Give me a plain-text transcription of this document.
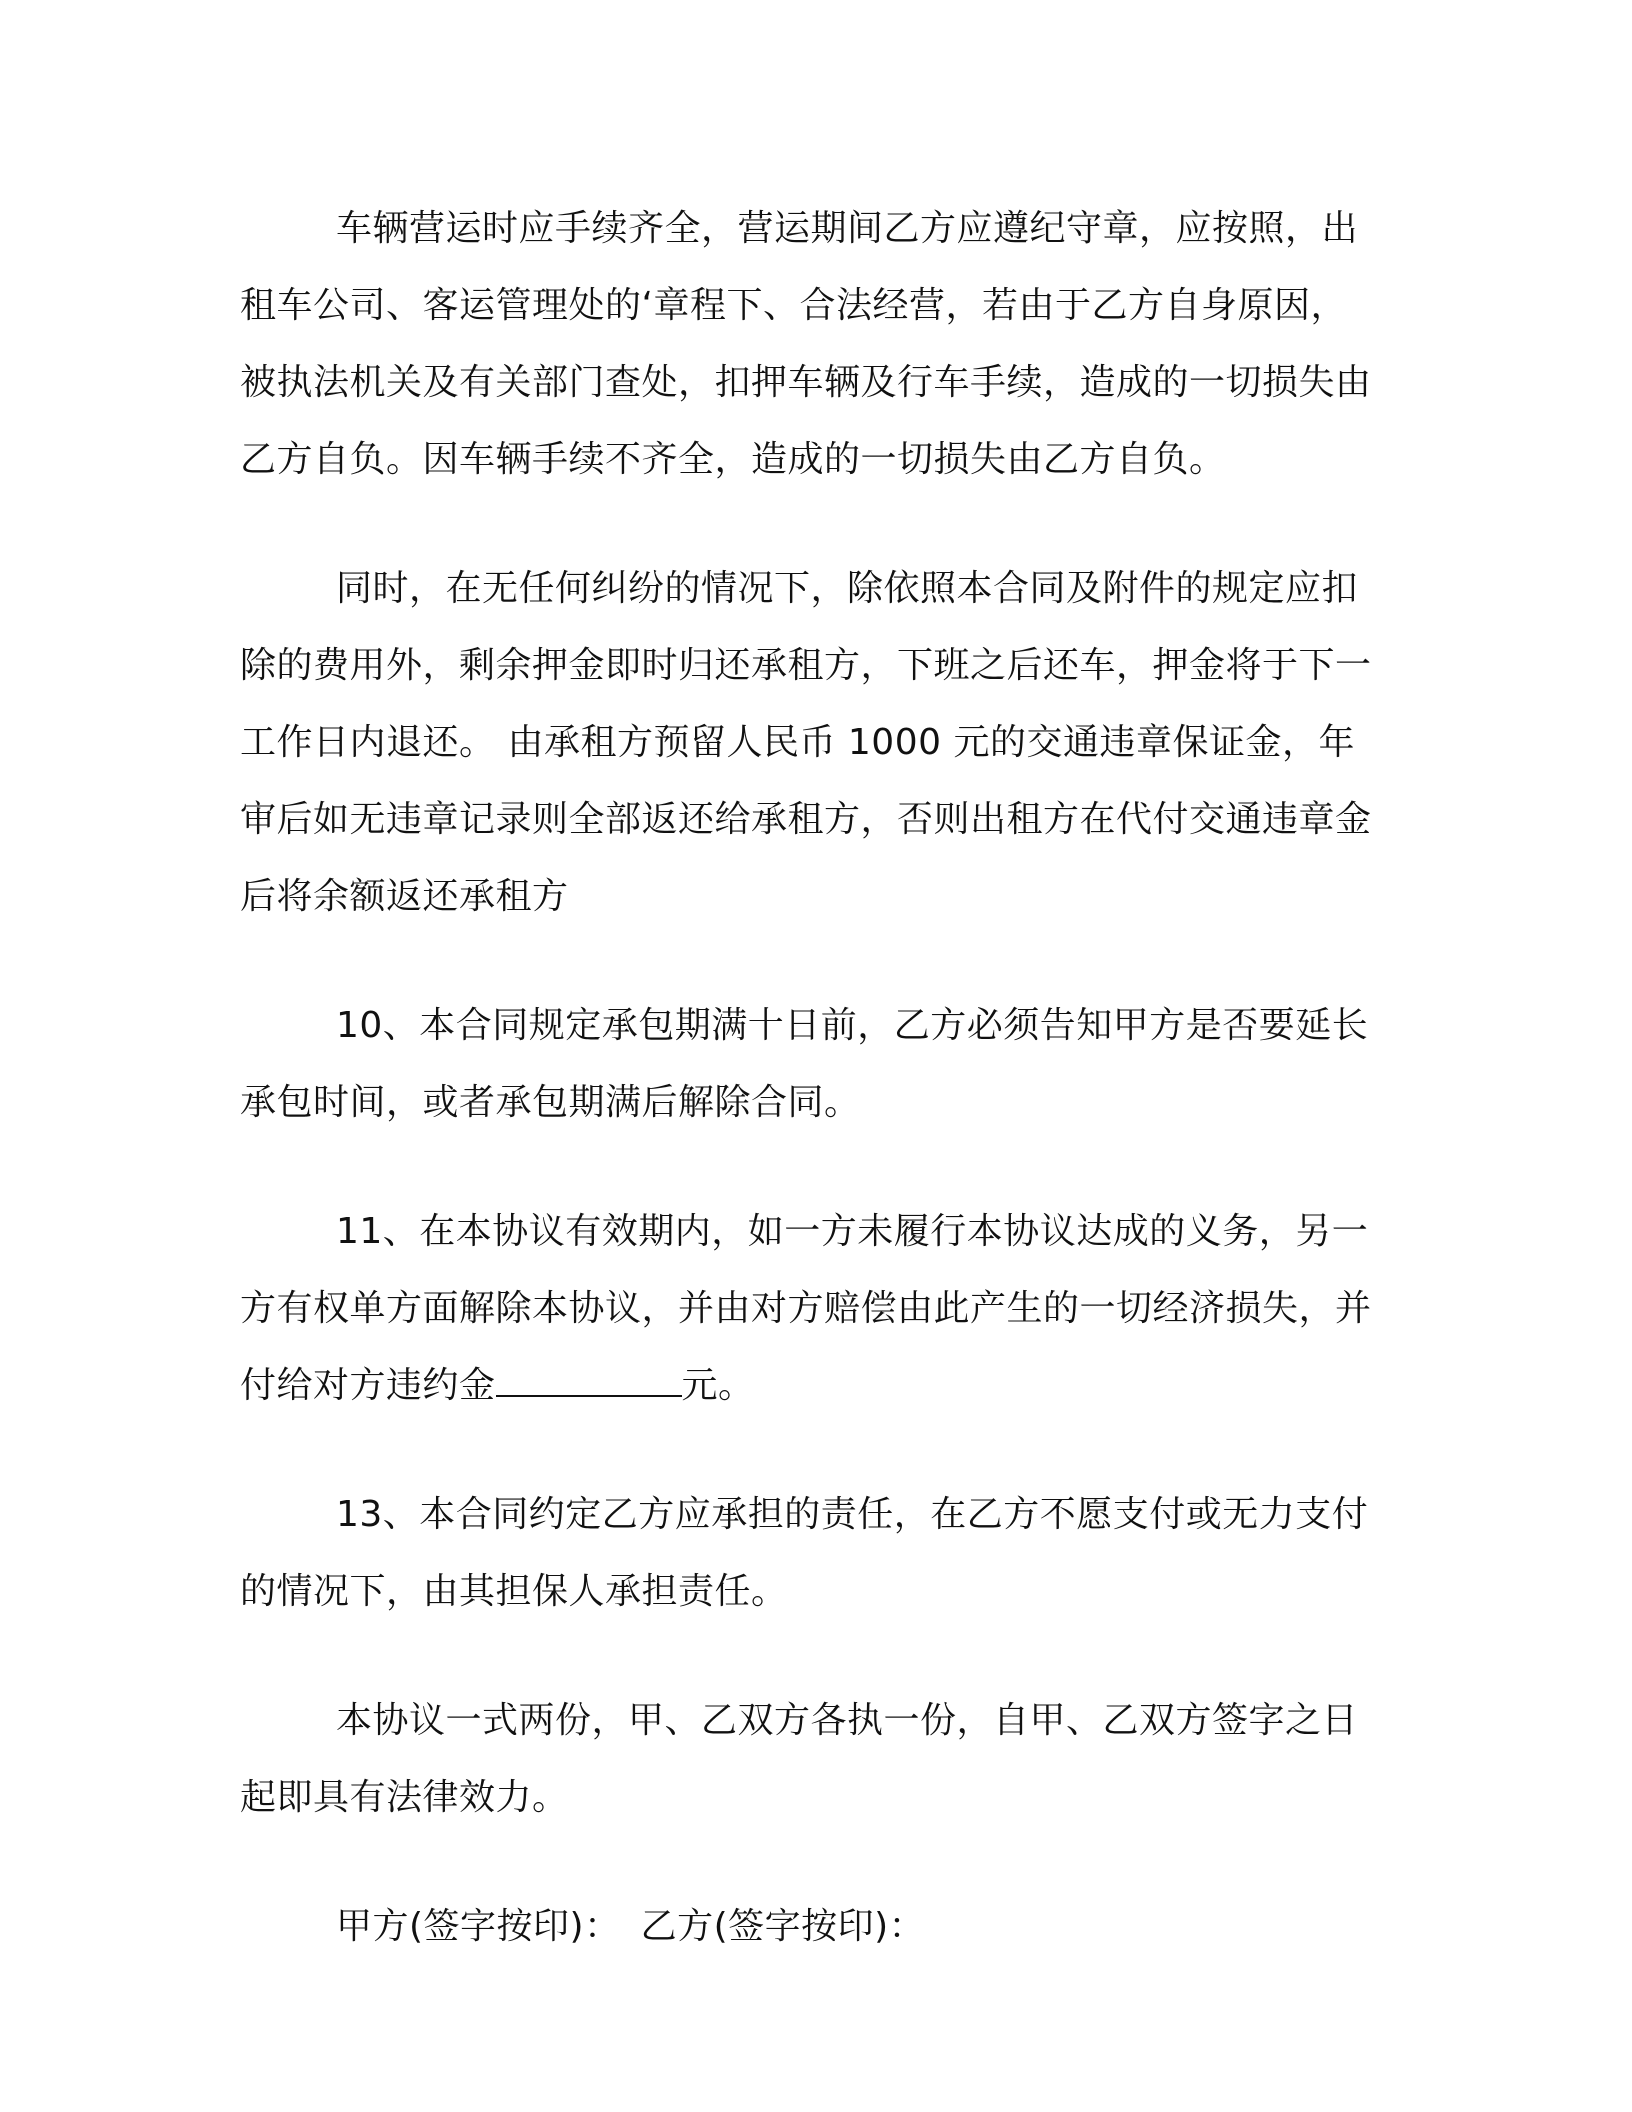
车辆营运时应手续齐全，营运期间乙方应遵纪守章，应按照，出租车公司、客运管理处的‘章程下、合法经营，若由于乙方自身原因，被执法机关及有关部门查处，扣押车辆及行车手续，造成的一切损失由乙方自负。因车辆手续不齐全，造成的一切损失由乙方自负。

同时，在无任何纠纷的情况下，除依照本合同及附件的规定应扣除的费用外，剩余押金即时归还承租方，下班之后还车，押金将于下一工作日内退还。 由承租方预留人民币 1000 元的交通违章保证金，年审后如无违章记录则全部返还给承租方，否则出租方在代付交通违章金后将余额返还承租方

10、本合同规定承包期满十日前，乙方必须告知甲方是否要延长承包时间，或者承包期满后解除合同。

11、在本协议有效期内，如一方未履行本协议达成的义务，另一方有权单方面解除本协议，并由对方赔偿由此产生的一切经济损失，并付给对方违约金	元。

13、本合同约定乙方应承担的责任，在乙方不愿支付或无力支付的情况下，由其担保人承担责任。

本协议一式两份，甲、乙双方各执一份，自甲、乙双方签字之日起即具有法律效力。

甲方(签字按印)： 乙方(签字按印)：
